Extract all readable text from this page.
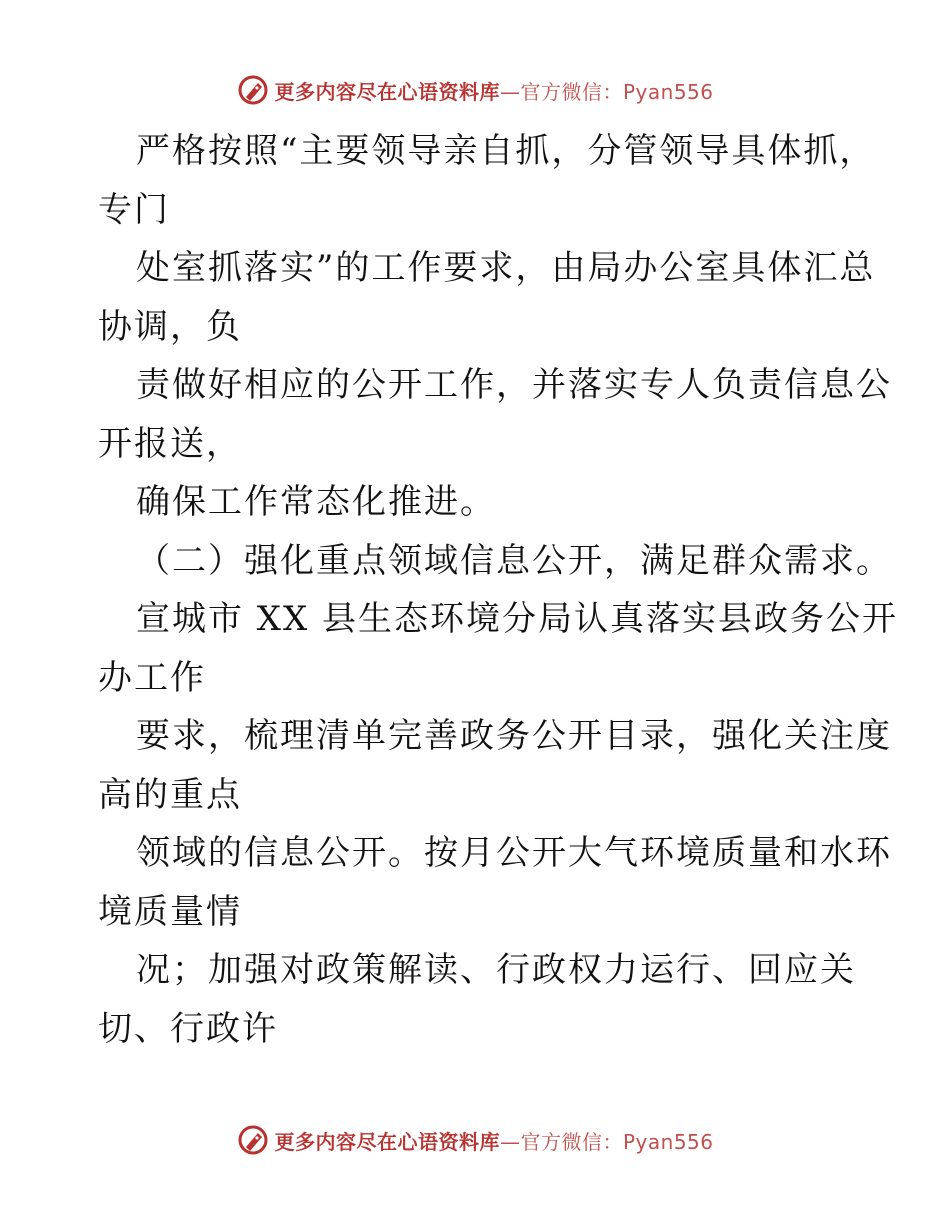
更多内容尽在心语资料库—官方微信：Pyan556
严格按照“主要领导亲自抓，分管领导具体抓，
专门
处室抓落实”的工作要求，由局办公室具体汇总
协调，负
责做好相应的公开工作，并落实专人负责信息公
开报送，
确保工作常态化推进。
（二）强化重点领域信息公开，满足群众需求。
宣城市 XX 县生态环境分局认真落实县政务公开
办工作
要求，梳理清单完善政务公开目录，强化关注度
高的重点
领域的信息公开。按月公开大气环境质量和水环
境质量情
况；加强对政策解读、行政权力运行、回应关
切、行政许
更多内容尽在心语资料库—官方微信：Pyan556
